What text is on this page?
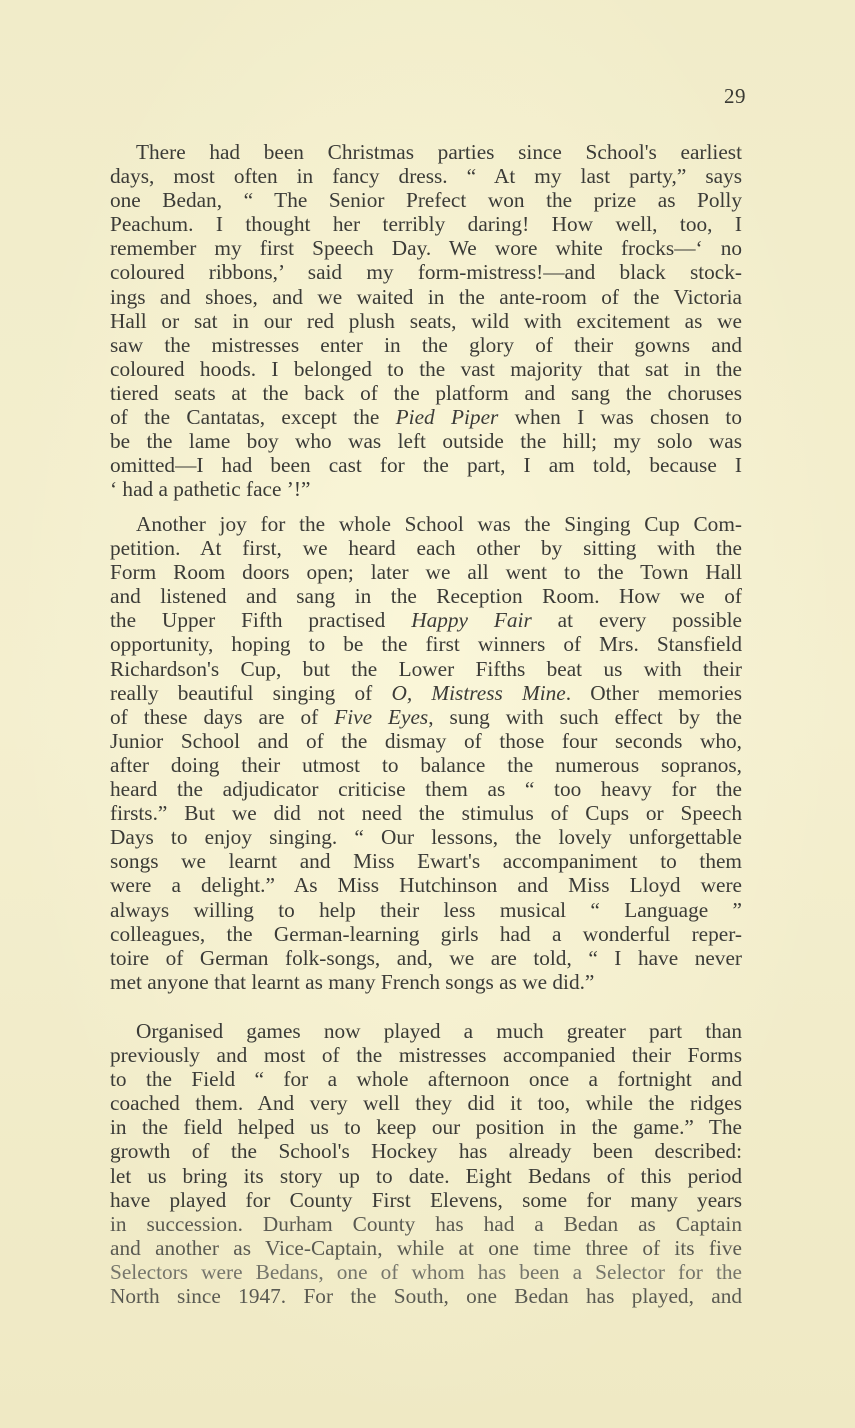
29
There had been Christmas parties since School's earliest
days, most often in fancy dress. “ At my last party,” says
one Bedan, “ The Senior Prefect won the prize as Polly
Peachum. I thought her terribly daring! How well, too, I
remember my first Speech Day. We wore white frocks—‘ no
coloured ribbons,’ said my form-mistress!—and black stock-
ings and shoes, and we waited in the ante-room of the Victoria
Hall or sat in our red plush seats, wild with excitement as we
saw the mistresses enter in the glory of their gowns and
coloured hoods. I belonged to the vast majority that sat in the
tiered seats at the back of the platform and sang the choruses
of the Cantatas, except the Pied Piper when I was chosen to
be the lame boy who was left outside the hill; my solo was
omitted—I had been cast for the part, I am told, because I
‘ had a pathetic face ’!”
Another joy for the whole School was the Singing Cup Com-
petition. At first, we heard each other by sitting with the
Form Room doors open; later we all went to the Town Hall
and listened and sang in the Reception Room. How we of
the Upper Fifth practised Happy Fair at every possible
opportunity, hoping to be the first winners of Mrs. Stansfield
Richardson's Cup, but the Lower Fifths beat us with their
really beautiful singing of O, Mistress Mine. Other memories
of these days are of Five Eyes, sung with such effect by the
Junior School and of the dismay of those four seconds who,
after doing their utmost to balance the numerous sopranos,
heard the adjudicator criticise them as “ too heavy for the
firsts.” But we did not need the stimulus of Cups or Speech
Days to enjoy singing. “ Our lessons, the lovely unforgettable
songs we learnt and Miss Ewart's accompaniment to them
were a delight.” As Miss Hutchinson and Miss Lloyd were
always willing to help their less musical “ Language ”
colleagues, the German-learning girls had a wonderful reper-
toire of German folk-songs, and, we are told, “ I have never
met anyone that learnt as many French songs as we did.”
Organised games now played a much greater part than
previously and most of the mistresses accompanied their Forms
to the Field “ for a whole afternoon once a fortnight and
coached them. And very well they did it too, while the ridges
in the field helped us to keep our position in the game.” The
growth of the School's Hockey has already been described:
let us bring its story up to date. Eight Bedans of this period
have played for County First Elevens, some for many years
in succession. Durham County has had a Bedan as Captain
and another as Vice-Captain, while at one time three of its five
Selectors were Bedans, one of whom has been a Selector for the
North since 1947. For the South, one Bedan has played, and
